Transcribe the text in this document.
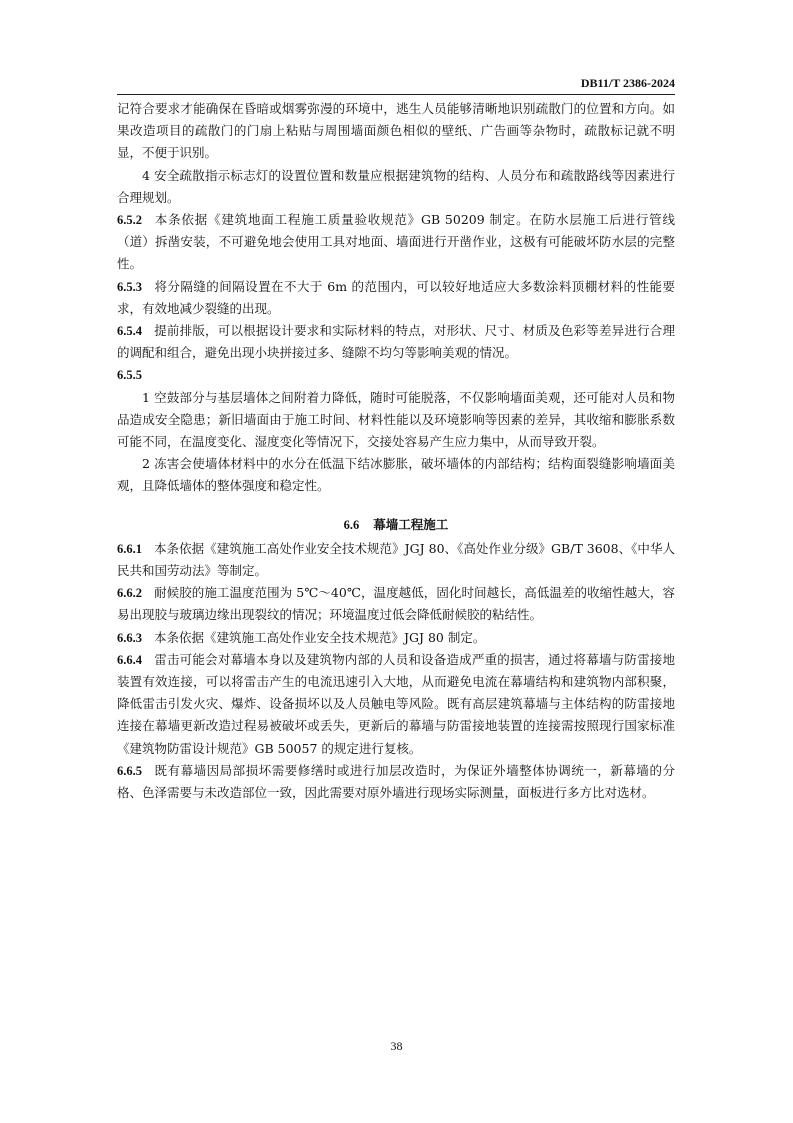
DB11/T 2386-2024

记符合要求才能确保在昏暗或烟雾弥漫的环境中，逃生人员能够清晰地识别疏散门的位置和方向。如果改造项目的疏散门的门扇上粘贴与周围墙面颜色相似的壁纸、广告画等杂物时，疏散标记就不明显，不便于识别。

4 安全疏散指示标志灯的设置位置和数量应根据建筑物的结构、人员分布和疏散路线等因素进行合理规划。

6.5.2 本条依据《建筑地面工程施工质量验收规范》GB 50209 制定。在防水层施工后进行管线（道）拆凿安装，不可避免地会使用工具对地面、墙面进行开凿作业，这极有可能破坏防水层的完整性。

6.5.3 将分隔缝的间隔设置在不大于 6m 的范围内，可以较好地适应大多数涂料顶棚材料的性能要求，有效地减少裂缝的出现。

6.5.4 提前排版，可以根据设计要求和实际材料的特点，对形状、尺寸、材质及色彩等差异进行合理的调配和组合，避免出现小块拼接过多、缝隙不均匀等影响美观的情况。

6.5.5

1 空鼓部分与基层墙体之间附着力降低，随时可能脱落，不仅影响墙面美观，还可能对人员和物品造成安全隐患；新旧墙面由于施工时间、材料性能以及环境影响等因素的差异，其收缩和膨胀系数可能不同，在温度变化、湿度变化等情况下，交接处容易产生应力集中，从而导致开裂。

2 冻害会使墙体材料中的水分在低温下结冰膨胀，破坏墙体的内部结构；结构面裂缝影响墙面美观，且降低墙体的整体强度和稳定性。

6.6 幕墙工程施工

6.6.1 本条依据《建筑施工高处作业安全技术规范》JGJ 80、《高处作业分级》GB/T 3608、《中华人民共和国劳动法》等制定。

6.6.2 耐候胶的施工温度范围为 5℃～40℃，温度越低，固化时间越长，高低温差的收缩性越大，容易出现胶与玻璃边缘出现裂纹的情况；环境温度过低会降低耐候胶的粘结性。

6.6.3 本条依据《建筑施工高处作业安全技术规范》JGJ 80 制定。

6.6.4 雷击可能会对幕墙本身以及建筑物内部的人员和设备造成严重的损害，通过将幕墙与防雷接地装置有效连接，可以将雷击产生的电流迅速引入大地，从而避免电流在幕墙结构和建筑物内部积聚，降低雷击引发火灾、爆炸、设备损坏以及人员触电等风险。既有高层建筑幕墙与主体结构的防雷接地连接在幕墙更新改造过程易被破坏或丢失，更新后的幕墙与防雷接地装置的连接需按照现行国家标准《建筑物防雷设计规范》GB 50057 的规定进行复核。

6.6.5 既有幕墙因局部损坏需要修缮时或进行加层改造时，为保证外墙整体协调统一，新幕墙的分格、色泽需要与未改造部位一致，因此需要对原外墙进行现场实际测量，面板进行多方比对选材。

38
